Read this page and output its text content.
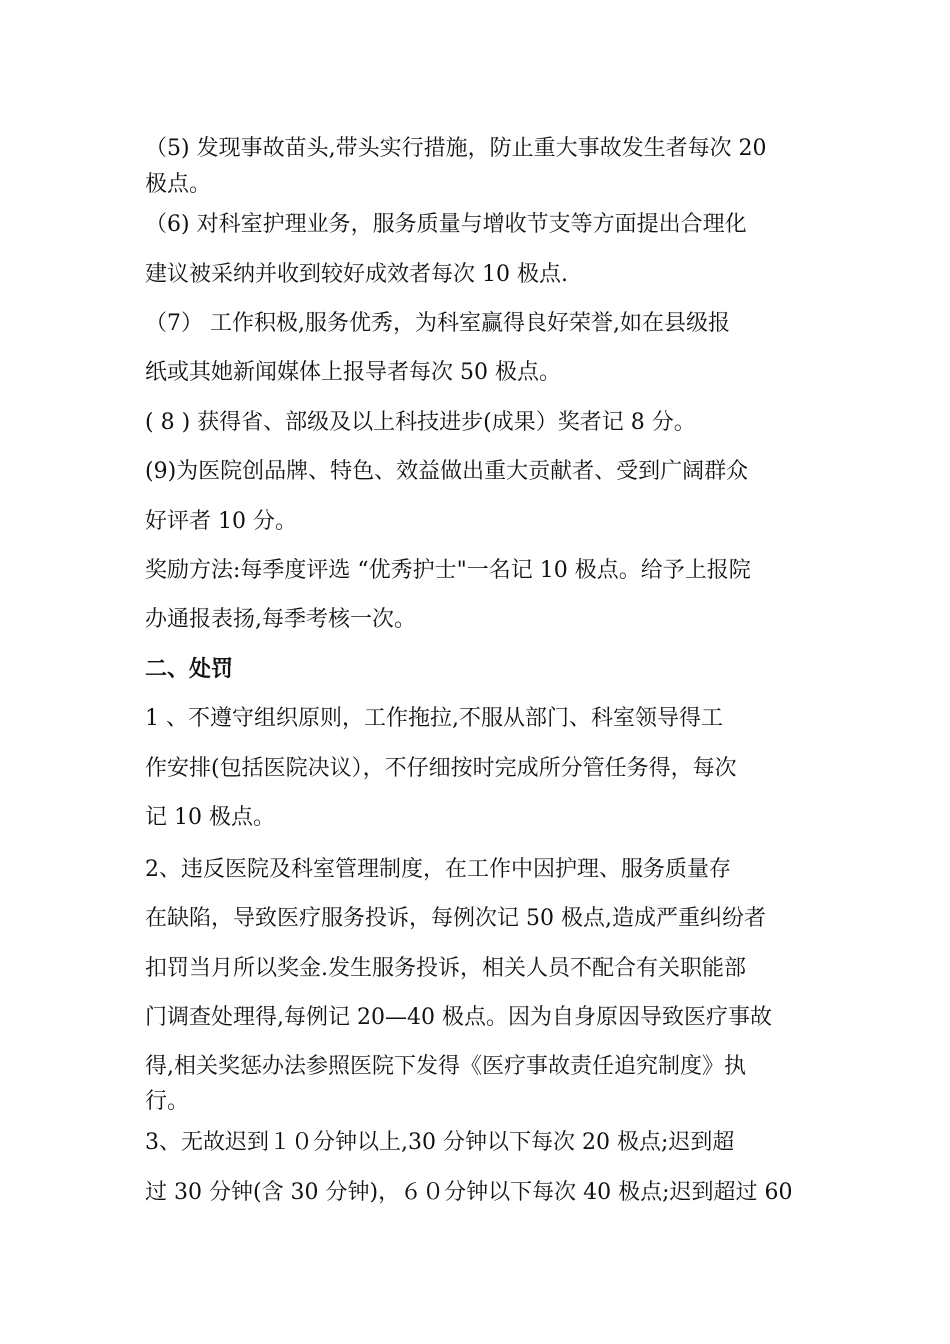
（5) 发现事故苗头,带头实行措施，防止重大事故发生者每次 20
极点。
（6) 对科室护理业务，服务质量与增收节支等方面提出合理化
建议被采纳并收到较好成效者每次 10 极点.
（7） 工作积极,服务优秀，为科室赢得良好荣誉,如在县级报
纸或其她新闻媒体上报导者每次 50 极点。
( 8 ) 获得省、部级及以上科技进步(成果）奖者记 8 分。
(9)为医院创品牌、特色、效益做出重大贡献者、受到广阔群众
好评者 10 分。
奖励方法:每季度评选 “优秀护士"一名记 10 极点。给予上报院
办通报表扬,每季考核一次。
二、处罚
1 、不遵守组织原则，工作拖拉,不服从部门、科室领导得工
作安排(包括医院决议），不仔细按时完成所分管任务得，每次
记 10 极点。
2、违反医院及科室管理制度，在工作中因护理、服务质量存
在缺陷，导致医疗服务投诉，每例次记 50 极点,造成严重纠纷者
扣罚当月所以奖金.发生服务投诉，相关人员不配合有关职能部
门调查处理得,每例记 20—40 极点。因为自身原因导致医疗事故
得,相关奖惩办法参照医院下发得《医疗事故责任追究制度》执
行。
3、无故迟到１０分钟以上,30 分钟以下每次 20 极点;迟到超
过 30 分钟(含 30 分钟)，６０分钟以下每次 40 极点;迟到超过 60
